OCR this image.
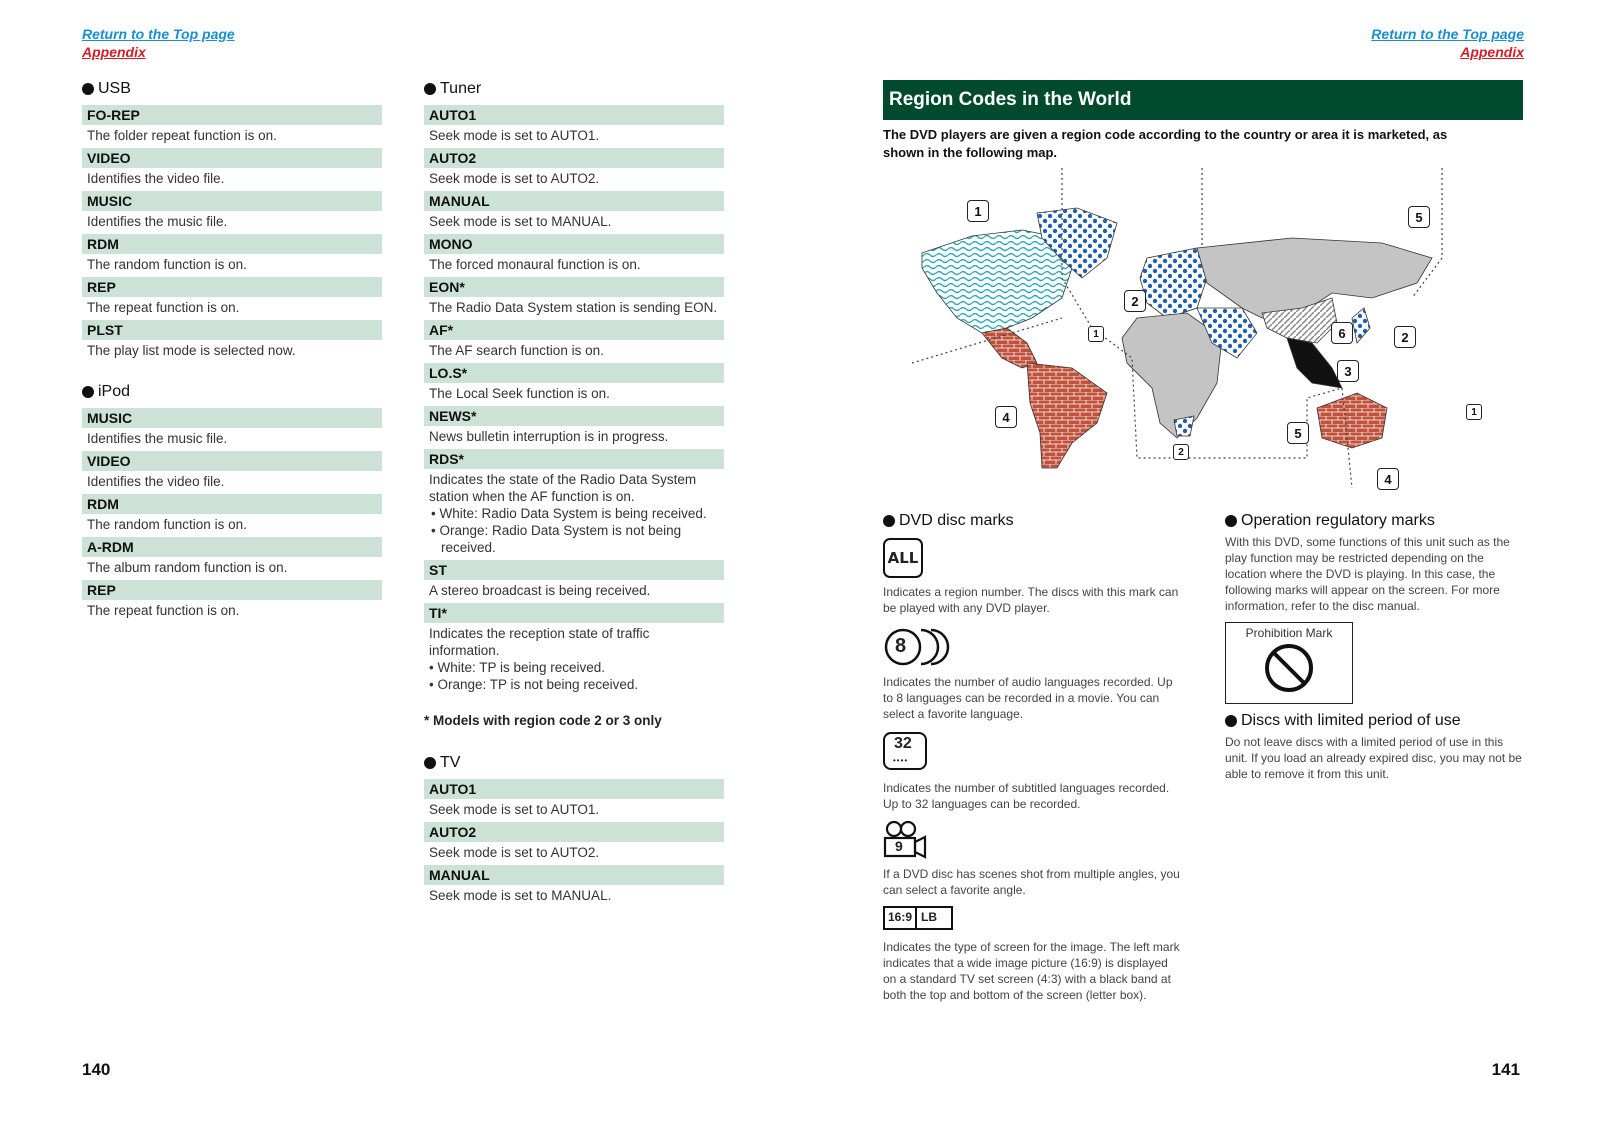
Return to the Top page
Appendix
Return to the Top page
Appendix
USB
FO-REP
The folder repeat function is on.
VIDEO
Identifies the video file.
MUSIC
Identifies the music file.
RDM
The random function is on.
REP
The repeat function is on.
PLST
The play list mode is selected now.
iPod
MUSIC
Identifies the music file.
VIDEO
Identifies the video file.
RDM
The random function is on.
A-RDM
The album random function is on.
REP
The repeat function is on.
Tuner
AUTO1
Seek mode is set to AUTO1.
AUTO2
Seek mode is set to AUTO2.
MANUAL
Seek mode is set to MANUAL.
MONO
The forced monaural function is on.
EON*
The Radio Data System station is sending EON.
AF*
The AF search function is on.
LO.S*
The Local Seek function is on.
NEWS*
News bulletin interruption is in progress.
RDS*
Indicates the state of the Radio Data System station when the AF function is on.
• White: Radio Data System is being received.
• Orange: Radio Data System is not being received.
ST
A stereo broadcast is being received.
TI*
Indicates the reception state of traffic information.
• White: TP is being received.
• Orange: TP is not being received.
* Models with region code 2 or 3 only
TV
AUTO1
Seek mode is set to AUTO1.
AUTO2
Seek mode is set to AUTO2.
MANUAL
Seek mode is set to MANUAL.
Region Codes in the World
The DVD players are given a region code according to the country or area it is marketed, as shown in the following map.
1	5
2
1	6	2
3
4
5
2
1
4
DVD disc marks
ALL
Indicates a region number. The discs with this mark can be played with any DVD player.
8
Indicates the number of audio languages recorded. Up to 8 languages can be recorded in a movie. You can select a favorite language.
32
••••
Indicates the number of subtitled languages recorded. Up to 32 languages can be recorded.
9
If a DVD disc has scenes shot from multiple angles, you can select a favorite angle.
16:9 LB
Indicates the type of screen for the image. The left mark indicates that a wide image picture (16:9) is displayed on a standard TV set screen (4:3) with a black band at both the top and bottom of the screen (letter box).
Operation regulatory marks
With this DVD, some functions of this unit such as the play function may be restricted depending on the location where the DVD is playing. In this case, the following marks will appear on the screen. For more information, refer to the disc manual.
Prohibition Mark
Discs with limited period of use
Do not leave discs with a limited period of use in this unit. If you load an already expired disc, you may not be able to remove it from this unit.
140	141
